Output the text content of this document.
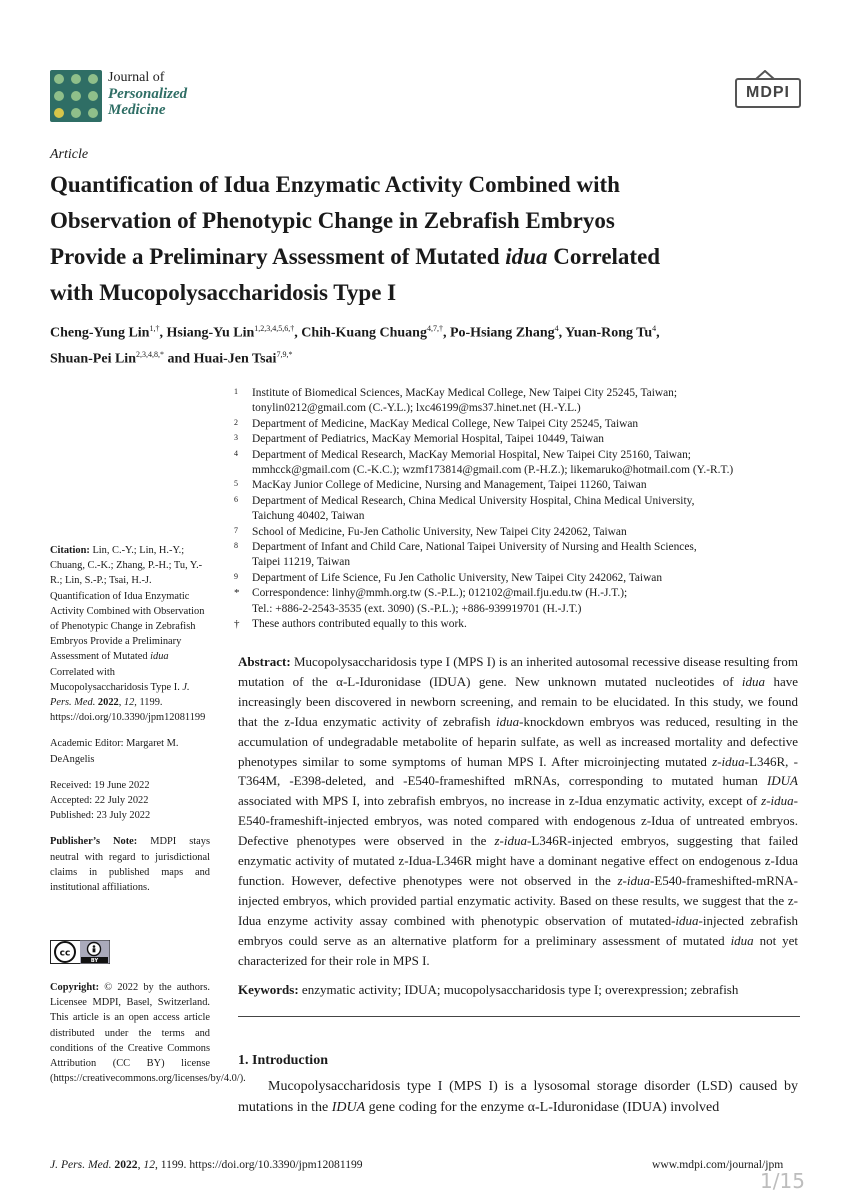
Journal of
Personalized
Medicine
MDPI
Article
Quantification of Idua Enzymatic Activity Combined with
Observation of Phenotypic Change in Zebrafish Embryos
Provide a Preliminary Assessment of Mutated idua Correlated
with Mucopolysaccharidosis Type I
Cheng-Yung Lin$^{1,\dagger}$, Hsiang-Yu Lin$^{1,2,3,4,5,6,\dagger}$, Chih-Kuang Chuang$^{4,7,\dagger}$, Po-Hsiang Zhang$^4$, Yuan-Rong Tu$^4$,
Shuan-Pei Lin$^{2,3,4,8,*}$ and Huai-Jen Tsai$^{7,9,*}$
1 Institute of Biomedical Sciences, MacKay Medical College, New Taipei City 25245, Taiwan;
tonylin0212@gmail.com (C.-Y.L.); lxc46199@ms37.hinet.net (H.-Y.L.)
2 Department of Medicine, MacKay Medical College, New Taipei City 25245, Taiwan
3 Department of Pediatrics, MacKay Memorial Hospital, Taipei 10449, Taiwan
4 Department of Medical Research, MacKay Memorial Hospital, New Taipei City 25160, Taiwan;
mmhcck@gmail.com (C.-K.C.); wzmf173814@gmail.com (P.-H.Z.); likemaruko@hotmail.com (Y.-R.T.)
5 MacKay Junior College of Medicine, Nursing and Management, Taipei 11260, Taiwan
6 Department of Medical Research, China Medical University Hospital, China Medical University,
Taichung 40402, Taiwan
7 School of Medicine, Fu-Jen Catholic University, New Taipei City 242062, Taiwan
8 Department of Infant and Child Care, National Taipei University of Nursing and Health Sciences,
Taipei 11219, Taiwan
9 Department of Life Science, Fu Jen Catholic University, New Taipei City 242062, Taiwan
* Correspondence: linhy@mmh.org.tw (S.-P.L.); 012102@mail.fju.edu.tw (H.-J.T.);
Tel.: +886-2-2543-3535 (ext. 3090) (S.-P.L.); +886-939919701 (H.-J.T.)
† These authors contributed equally to this work.

Citation: Lin, C.-Y.; Lin, H.-Y.; Chuang, C.-K.; Zhang, P.-H.; Tu, Y.-R.; Lin, S.-P.; Tsai, H.-J. Quantification of Idua Enzymatic Activity Combined with Observation of Phenotypic Change in Zebrafish Embryos Provide a Preliminary Assessment of Mutated idua Correlated with Mucopolysaccharidosis Type I. J. Pers. Med. 2022, 12, 1199. https://doi.org/10.3390/jpm12081199

Academic Editor: Margaret M. DeAngelis

Received: 19 June 2022

Accepted: 22 July 2022

Published: 23 July 2022

Publisher’s Note: MDPI stays neutral with regard to jurisdictional claims in published maps and institutional affiliations.

cc
BY

Copyright: © 2022 by the authors. Licensee MDPI, Basel, Switzerland. This article is an open access article distributed under the terms and conditions of the Creative Commons Attribution (CC BY) license (https://creativecommons.org/licenses/by/4.0/).

Abstract: Mucopolysaccharidosis type I (MPS I) is an inherited autosomal recessive disease resulting from mutation of the α-L-Iduronidase (IDUA) gene. New unknown mutated nucleotides of idua have increasingly been discovered in newborn screening, and remain to be elucidated. In this study, we found that the z-Idua enzymatic activity of zebrafish idua-knockdown embryos was reduced, resulting in the accumulation of undegradable metabolite of heparin sulfate, as well as increased mortality and defective phenotypes similar to some symptoms of human MPS I. After microinjecting mutated z-idua-L346R, -T364M, -E398-deleted, and -E540-frameshifted mRNAs, corresponding to mutated human IDUA associated with MPS I, into zebrafish embryos, no increase in z-Idua enzymatic activity, except of z-idua-E540-frameshift-injected embryos, was noted compared with endogenous z-Idua of untreated embryos. Defective phenotypes were observed in the z-idua-L346R-injected embryos, suggesting that failed enzymatic activity of mutated z-Idua-L346R might have a dominant negative effect on endogenous z-Idua function. However, defective phenotypes were not observed in the z-idua-E540-frameshifted-mRNA-injected embryos, which provided partial enzymatic activity. Based on these results, we suggest that the z-Idua enzyme activity assay combined with phenotypic observation of mutated-idua-injected zebrafish embryos could serve as an alternative platform for a preliminary assessment of mutated idua not yet characterized for their role in MPS I.
Keywords: enzymatic activity; IDUA; mucopolysaccharidosis type I; overexpression; zebrafish
1. Introduction
Mucopolysaccharidosis type I (MPS I) is a lysosomal storage disorder (LSD) caused by mutations in the IDUA gene coding for the enzyme α-L-Iduronidase (IDUA) involved
J. Pers. Med. 2022, 12, 1199. https://doi.org/10.3390/jpm12081199	www.mdpi.com/journal/jpm
1/15
